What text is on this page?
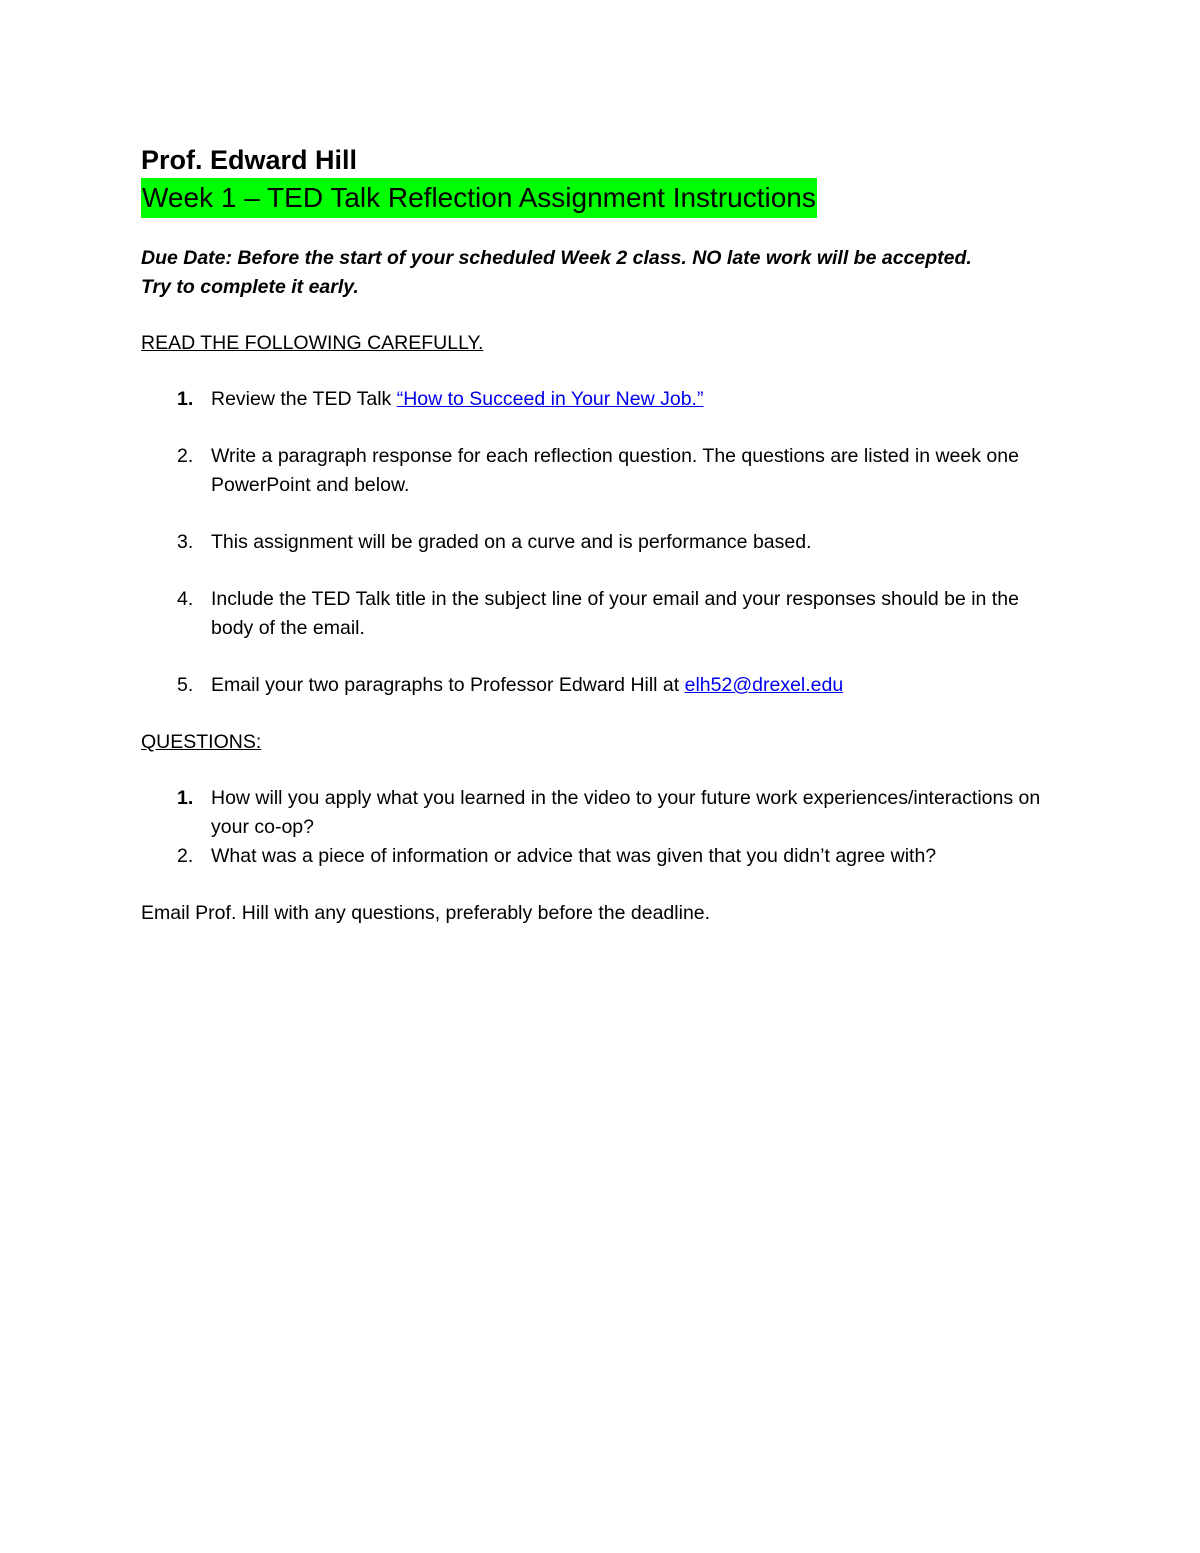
Prof. Edward Hill

Week 1 – TED Talk Reflection Assignment Instructions

Due Date: Before the start of your scheduled Week 2 class. NO late work will be accepted.
Try to complete it early.
READ THE FOLLOWING CAREFULLY.
1. Review the TED Talk “How to Succeed in Your New Job.”
2. Write a paragraph response for each reflection question. The questions are listed in week one PowerPoint and below.
3. This assignment will be graded on a curve and is performance based.
4. Include the TED Talk title in the subject line of your email and your responses should be in the body of the email.
5. Email your two paragraphs to Professor Edward Hill at elh52@drexel.edu
QUESTIONS:
1. How will you apply what you learned in the video to your future work experiences/interactions on your co-op?
2. What was a piece of information or advice that was given that you didn’t agree with?
Email Prof. Hill with any questions, preferably before the deadline.
